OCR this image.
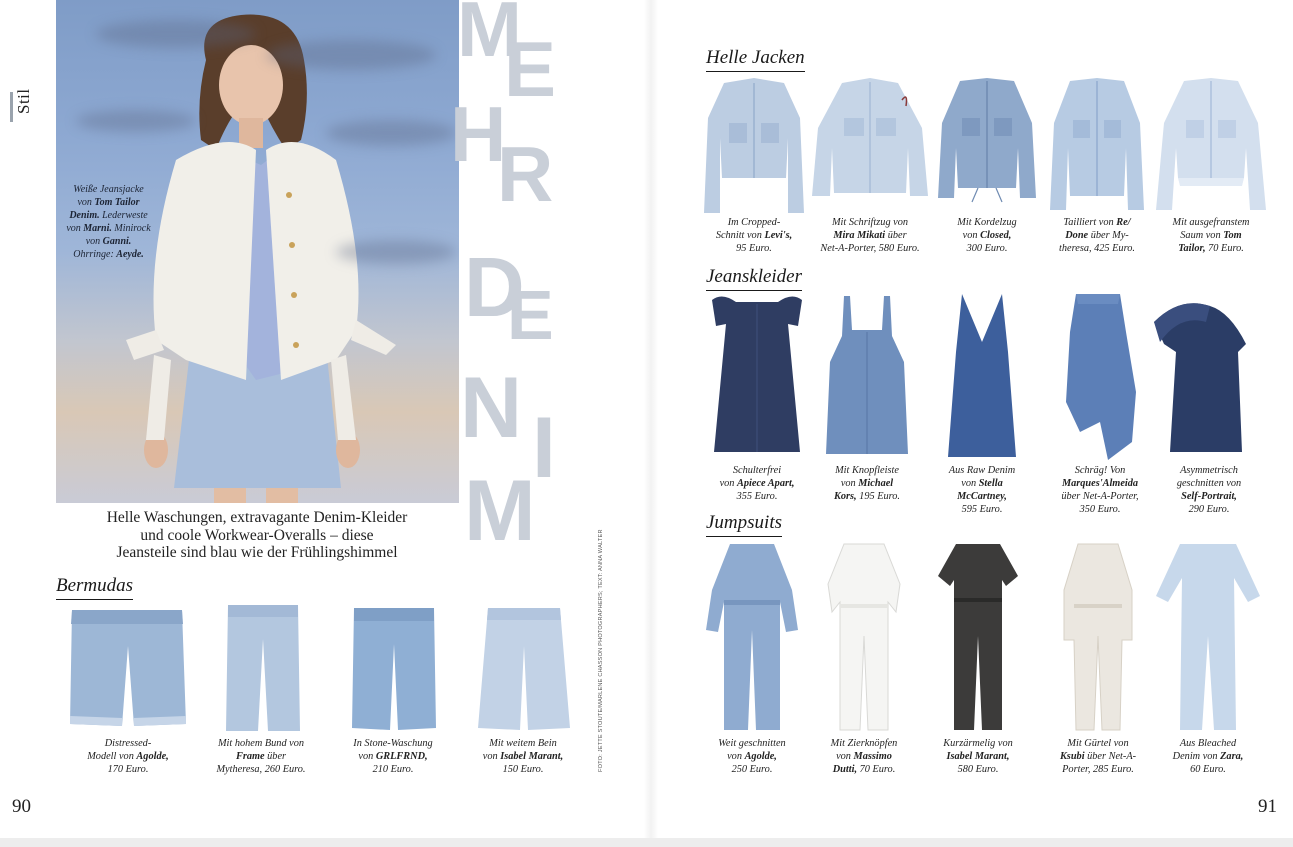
Stil
Weiße Jeansjacke von Tom Tailor Denim. Lederweste von Marni. Minirock von Ganni. Ohrringe: Aeyde.
M
E
H
R
D
E
N I
M
Helle Waschungen, extravagante Denim-Kleider
und coole Workwear-Overalls – diese
Jeansteile sind blau wie der Frühlingshimmel
Bermudas
Distressed-
Modell von Agolde,
170 Euro.
Mit hohem Bund von
Frame über
Mytheresa, 260 Euro.
In Stone-Waschung
von GRLFRND,
210 Euro.
Mit weitem Bein
von Isabel Marant,
150 Euro.	FOTO: JETTE STOUTE/MARLENE CHASSON PHOTOGRAPHERS; TEXT: ANNA WALTER
90	91
Helle Jacken
Im Cropped-
Schnitt von Levi's,
95 Euro.
Mit Schriftzug von
Mira Mikati über
Net-A-Porter, 580 Euro.
Mit Kordelzug
von Closed,
300 Euro.
Tailliert von Re/
Done über My-
theresa, 425 Euro.
Mit ausgefranstem
Saum von Tom
Tailor, 70 Euro.
Jeanskleider
Schulterfrei
von Apiece Apart,
355 Euro.
Mit Knopfleiste
von Michael
Kors, 195 Euro.
Aus Raw Denim
von Stella
McCartney,
595 Euro.
Schräg! Von
Marques'Almeida
über Net-A-Porter,
350 Euro.
Asymmetrisch
geschnitten von
Self-Portrait,
290 Euro.
Jumpsuits
Weit geschnitten
von Agolde,
250 Euro.
Mit Zierknöpfen
von Massimo
Dutti, 70 Euro.
Kurzärmelig von
Isabel Marant,
580 Euro.
Mit Gürtel von
Ksubi über Net-A-
Porter, 285 Euro.
Aus Bleached
Denim von Zara,
60 Euro.
